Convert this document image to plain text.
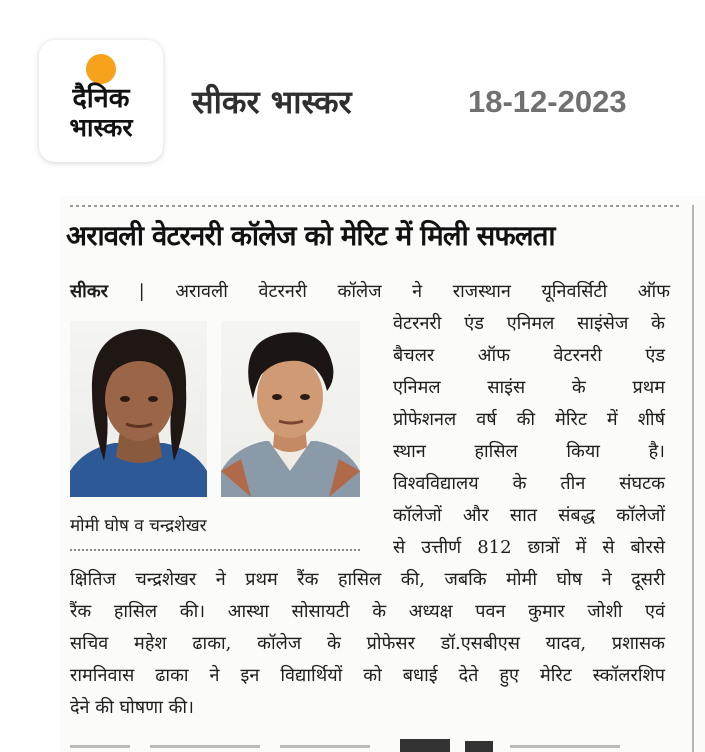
दैनिक
भास्कर
सीकर भास्कर	18-12-2023
अरावली वेटरनरी कॉलेज को मेरिट में मिली सफलता
सीकर | अरावली वेटरनरी कॉलेज ने राजस्थान यूनिवर्सिटी ऑफ
वेटरनरी एंड एनिमल साइंसेज के
बैचलर ऑफ वेटरनरी एंड
एनिमल साइंस के प्रथम
प्रोफेशनल वर्ष की मेरिट में शीर्ष
स्थान हासिल किया है।
विश्वविद्यालय के तीन संघटक
कॉलेजों और सात संबद्ध कॉलेजों
से उत्तीर्ण 812 छात्रों में से बोरसे
मोमी घोष व चन्द्रशेखर
क्षितिज चन्द्रशेखर ने प्रथम रैंक हासिल की, जबकि मोमी घोष ने दूसरी
रैंक हासिल की। आस्था सोसायटी के अध्यक्ष पवन कुमार जोशी एवं
सचिव महेश ढाका, कॉलेज के प्रोफेसर डॉ.एसबीएस यादव, प्रशासक
रामनिवास ढाका ने इन विद्यार्थियों को बधाई देते हुए मेरिट स्कॉलरशिप
देने की घोषणा की।
